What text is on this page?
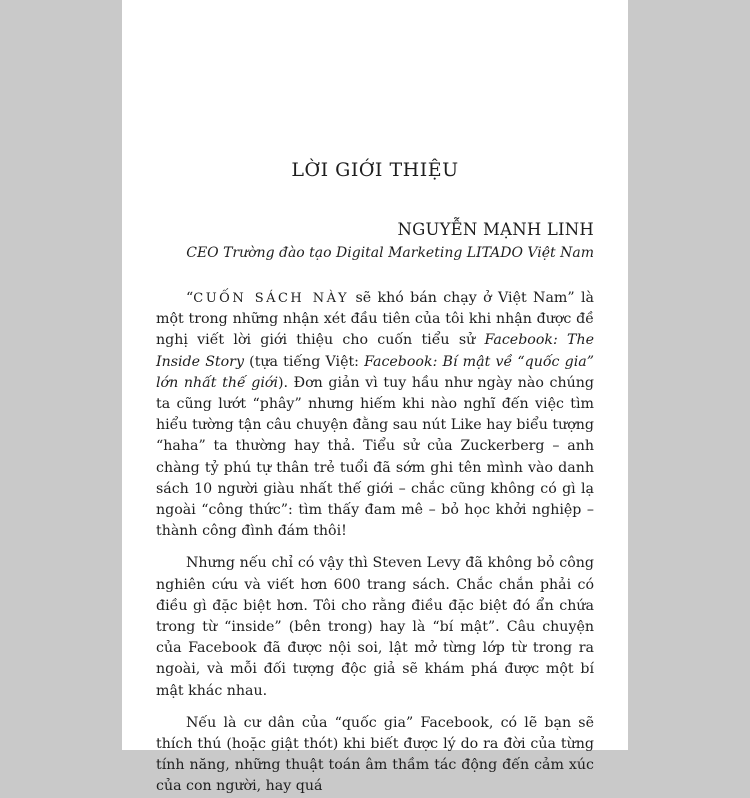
LỜI GIỚI THIỆU
NGUYỄN MẠNH LINH
CEO Trường đào tạo Digital Marketing LITADO Việt Nam

“CUỐN SÁCH NÀY sẽ khó bán chạy ở Việt Nam” là một trong những nhận xét đầu tiên của tôi khi nhận được đề nghị viết lời giới thiệu cho cuốn tiểu sử Facebook: The Inside Story (tựa tiếng Việt: Facebook: Bí mật về “quốc gia” lớn nhất thế giới). Đơn giản vì tuy hầu như ngày nào chúng ta cũng lướt “phây” nhưng hiếm khi nào nghĩ đến việc tìm hiểu tường tận câu chuyện đằng sau nút Like hay biểu tượng “haha” ta thường hay thả. Tiểu sử của Zuckerberg – anh chàng tỷ phú tự thân trẻ tuổi đã sớm ghi tên mình vào danh sách 10 người giàu nhất thế giới – chắc cũng không có gì lạ ngoài “công thức”: tìm thấy đam mê – bỏ học khởi nghiệp – thành công đình đám thôi!

Nhưng nếu chỉ có vậy thì Steven Levy đã không bỏ công nghiên cứu và viết hơn 600 trang sách. Chắc chắn phải có điều gì đặc biệt hơn. Tôi cho rằng điều đặc biệt đó ẩn chứa trong từ “inside” (bên trong) hay là “bí mật”. Câu chuyện của Facebook đã được nội soi, lật mở từng lớp từ trong ra ngoài, và mỗi đối tượng độc giả sẽ khám phá được một bí mật khác nhau.

Nếu là cư dân của “quốc gia” Facebook, có lẽ bạn sẽ thích thú (hoặc giật thót) khi biết được lý do ra đời của từng tính năng, những thuật toán âm thầm tác động đến cảm xúc của con người, hay quá
